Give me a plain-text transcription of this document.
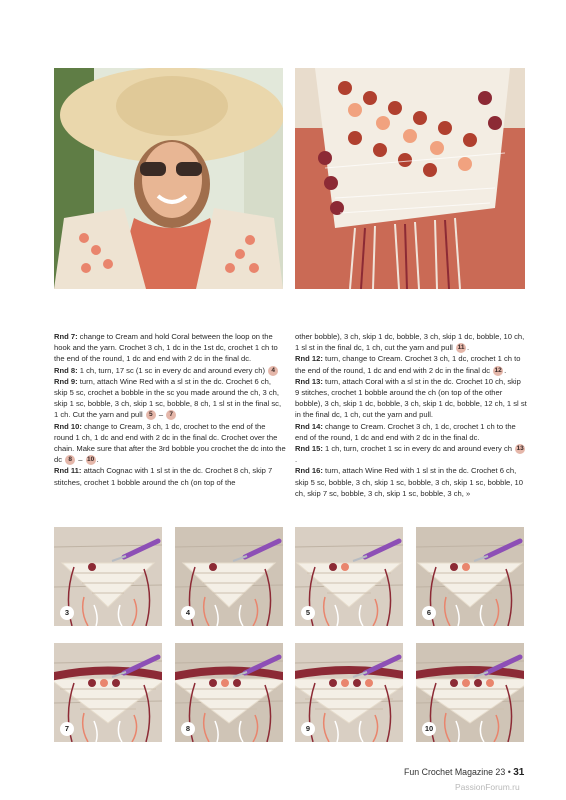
Rnd 7: change to Cream and hold Coral between the loop on the hook and the yarn. Crochet 3 ch, 1 dc in the 1st dc, crochet 1 ch to the end of the round, 1 dc and end with 2 dc in the final dc.

Rnd 8: 1 ch, turn, 17 sc (1 sc in every dc and around every ch) 4

Rnd 9: turn, attach Wine Red with a sl st in the dc. Crochet 6 ch, skip 5 sc, crochet a bobble in the sc you made around the ch, 3 ch, skip 1 sc, bobble, 3 ch, skip 1 sc, bobble, 8 ch, 1 sl st in the final sc, 1 ch. Cut the yarn and pull 5 – 7

Rnd 10: change to Cream, 3 ch, 1 dc, crochet to the end of the round 1 ch, 1 dc and end with 2 dc in the final dc. Crochet over the chain. Make sure that after the 3rd bobble you crochet the dc into the dc 8 – 10 .

Rnd 11: attach Cognac with 1 sl st in the dc. Crochet 8 ch, skip 7 stitches, crochet 1 bobble around the ch (on top of the

other bobble), 3 ch, skip 1 dc, bobble, 3 ch, skip 1 dc, bobble, 10 ch, 1 sl st in the final dc, 1 ch, cut the yarn and pull 11 .

Rnd 12: turn, change to Cream. Crochet 3 ch, 1 dc, crochet 1 ch to the end of the round, 1 dc and end with 2 dc in the final dc 12 .

Rnd 13: turn, attach Coral with a sl st in the dc. Crochet 10 ch, skip 9 stitches, crochet 1 bobble around the ch (on top of the other bobble), 3 ch, skip 1 dc, bobble, 3 ch, skip 1 dc, bobble, 12 ch, 1 sl st in the final dc, 1 ch, cut the yarn and pull.

Rnd 14: change to Cream. Crochet 3 ch, 1 dc, crochet 1 ch to the end of the round, 1 dc and end with 2 dc in the final dc.

Rnd 15: 1 ch, turn, crochet 1 sc in every dc and around every ch 13.

Rnd 16: turn, attach Wine Red with 1 sl st in the dc. Crochet 6 ch, skip 5 sc, bobble, 3 ch, skip 1 sc, bobble, 3 ch, skip 1 sc, bobble, 10 ch, skip 7 sc, bobble, 3 ch, skip 1 sc, bobble, 3 ch, »

3	4	5	6
7	8	9	10
Fun Crochet Magazine 23 • 31
PassionForum.ru
